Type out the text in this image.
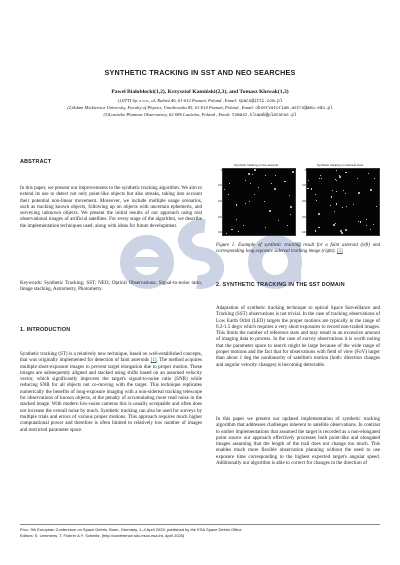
SYNTHETIC TRACKING IN SST AND NEO SEARCHES
Paweł Białobłocki(1,2), Krzysztof Kamiński(2,3), and Tomasz Kluwak(1,3)
(1)ITTI Sp. z o.o., ul. Rubież 46, 61-612 Poznań, Poland , Email: spaco@itti.com.pl
(2)Adam Mickiewicz University, Faculty of Physics, Umultowska 85, 61-614 Poznań, Poland , Email: observatorium.astro@amu.edu.pl
(3)Lusówko Platanus Observatory, 62-080 Lusówko, Poland , Email: tomasz.kluwak@platanus.pl
ABSTRACT
In this paper, we present our improvements to the synthetic tracking algorithm. We aim to extend its use to detect not only point-like objects but also streaks, taking into account their potential non-linear movement. Moreover, we include multiple usage scenarios, such as tracking known objects, following up on objects with uncertain ephemeris, and surveying unknown objects. We present the initial results of our approach using real observational images of artificial satellites. For every stage of the algorithm, we describe the implementation techniques used, along with ideas for future development.
Keywords: Synthetic Tracking; SST; NEO; Optical Observations; Signal-to-noise ratio, Image stacking, Astrometry, Photometry.
1. INTRODUCTION
Synthetic tracking (ST) is a relatively new technique, based on well-established concepts, that was originally implemented for detection of faint asteroids [1]. The method acquires multiple short-exposure images to prevent target elongation due to proper motion. These images are subsequently aligned and stacked using shifts based on an assumed velocity vector, which significantly improves the target's signal-to-noise ratio (SNR) while reducing SNR for all objects not co-moving with the target. This technique replicates numerically the benefits of long-exposure imaging with a non-sidereal tracking telescope for observations of known objects, at the penalty of accumulating more read noise in the stacked image. With modern low-noise cameras this is usually acceptable and often does not increase the overall noise by much. Synthetic tracking can also be used for surveys by multiple trials and errors of various proper motions. This approach requires much higher computational power and therefore is often limited to relatively low number of images and restricted parameter space.
Synthetic tracking on the asteroid
0
100
200
300
400
Synthetic tracking on sidereal stars
0
100
200
300
400
Figure 1. Example of synthetic tracking result for a faint asteroid (left) and corresponding long exposure sidereal tracking image (right). [2]
2. SYNTHETIC TRACKING IN THE SST DOMAIN
Adaptation of synthetic tracking technique to optical Space Surveillance and Tracking (SST) observations is not trivial. In the case of tracking observations of Low Earth Orbit (LEO) targets the proper motions are typically in the range of 0.2-1.5 deg/s which requires a very short exposures to record non-trailed images. This limits the number of reference stars and may result in an excessive amount of imaging data to process. In the case of survey observations it is worth noting that the parameter space to search might be large because of the wide range of proper motions and the fact that for observations with field of view (FoV) larger than about 1 deg the nonlinearity of satellite's motion (both: direction changes and angular velocity changes) is becoming detectable.
In this paper we present our updated implementation of synthetic tracking algorithm that addresses challenges inherent to satellite observations. In contrast to earlier implementations that assumed the target is recorded as a non-elongated point source our approach effectively processes both point-like and elongated images assuming that the length of the trail does not change too much. This enables much more flexible observation planning without the need to use exposure time corresponding to the highest expected target's angular speed. Additionally our algorithm is able to correct for changes in the direction of
Proc. 9th European Conference on Space Debris, Bonn, Germany, 1–4 April 2025, published by the ESA Space Debris Office
Editors: S. Lemmens, T. Flohrer & F. Schmitz, (http://conference.sdo.esoc.esa.int, April 2025)
